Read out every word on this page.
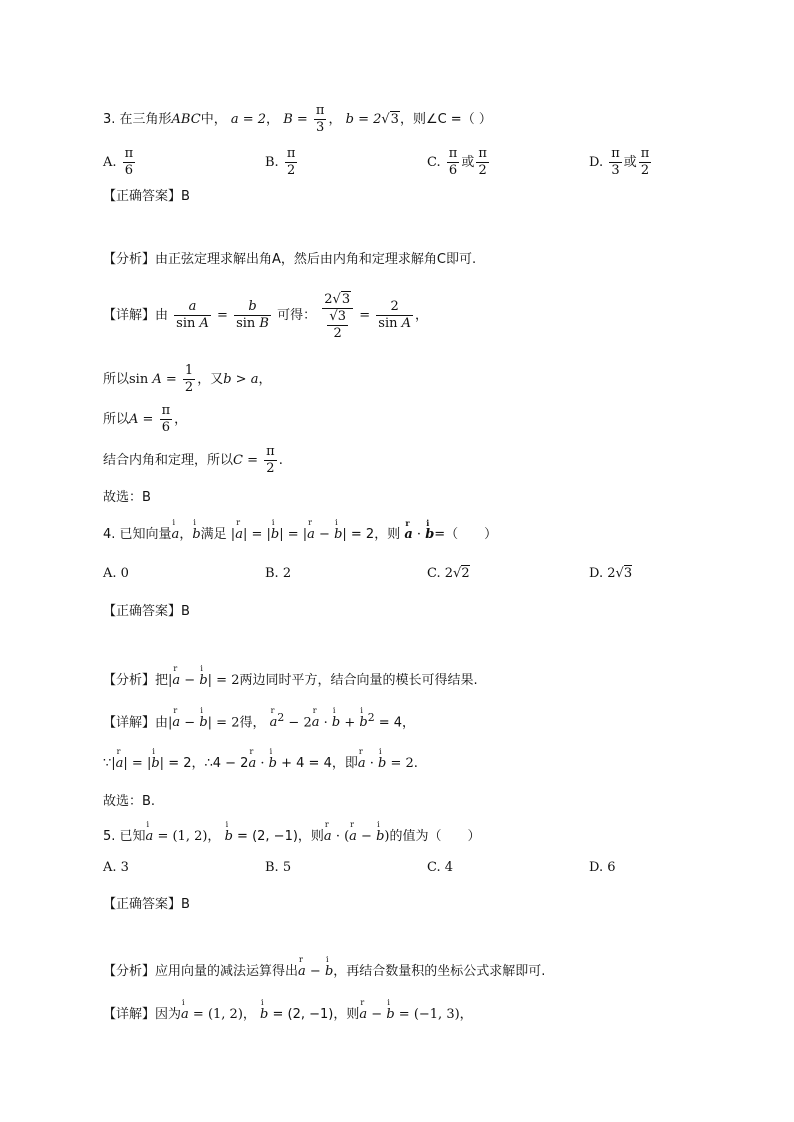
3. 在三角形ABC中， a = 2， $B = \frac{\pi}{3}$ ， b = 2√3，则∠C =（ ）
A. $\frac{\pi}{6}$	B. $\frac{\pi}{2}$	C. $\frac{\pi}{6}$ 或 $\frac{\pi}{2}$	D. $\frac{\pi}{3}$ 或 $\frac{\pi}{2}$
【正确答案】B
【分析】由正弦定理求解出角A，然后由内角和定理求解角C即可.
【详解】由 $\frac{a}{\text{sin A}} = \frac{b}{\text{sin B}}$ 可得： $\frac{2√3}{\frac{√3}{2}} = \frac{2}{\text{sin A}}$ ，
所以$\sin A = \frac{1}{2}$ ，又b > a，
所以$A = \frac{\pi}{6}$ ，
结合内角和定理，所以$C = \frac{\pi}{2}$ .
故选：B
4. 已知向量i a，i b满足 |r a| = |i b| = |r a − i b| = 2，则 r a · i b=（　　）
A. 0	B. 2	C. 2√2	D. 2√3
【正确答案】B
【分析】把|r a − i b| = 2两边同时平方，结合向量的模长可得结果.
【详解】由|r a − i b| = 2得， r $a^2 - 2r$ a · i b + i $b^2 = 4$，
∵|r a| = |i b| = 2，∴4 − 2r a · i b + 4 = 4，即r a · i b = 2.
故选：B.
5. 已知i a = (1, 2)， i b = (2, −1)，则r a · (r a − i b)的值为（　　）
A. 3	B. 5	C. 4	D. 6
【正确答案】B
【分析】应用向量的减法运算得出r a − i b，再结合数量积的坐标公式求解即可.
【详解】因为i a = (1, 2)， i b = (2, −1)，则r a − i b = (−1, 3)，
